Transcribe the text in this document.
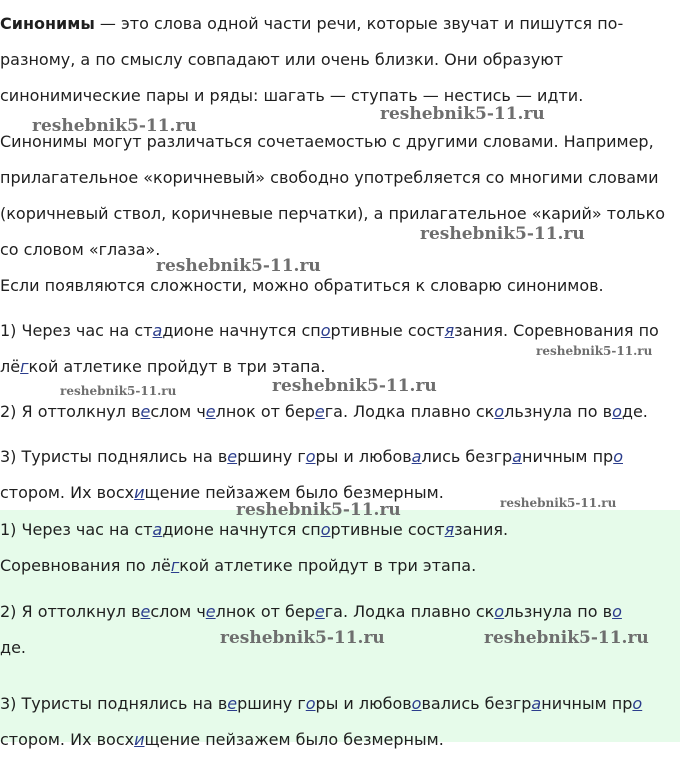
Синонимы — это слова одной части речи, которые звучат и пишутся по-
разному, а по смыслу совпадают или очень близки. Они образуют
синонимические пары и ряды: шагать — ступать — нестись — идти.
Синонимы могут различаться сочетаемостью с другими словами. Например,
прилагательное «коричневый» свободно употребляется со многими словами
(коричневый ствол, коричневые перчатки), а прилагательное «карий» только
со словом «глаза».
Если появляются сложности, можно обратиться к словарю синонимов.
1) Через час на стадионе начнутся спортивные состязания. Соревнования по
лёгкой атлетике пройдут в три этапа.
2) Я оттолкнул веслом челнок от берега. Лодка плавно скользнула по воде.
3) Туристы поднялись на вершину горы и любовались безграничным про
стором. Их восхищение пейзажем было безмерным.
1) Через час на стадионе начнутся спортивные состязания.
Соревнования по лёгкой атлетике пройдут в три этапа.
2) Я оттолкнул веслом челнок от берега. Лодка плавно скользнула по во
де.
3) Туристы поднялись на вершину горы и любововались безграничным про
стором. Их восхищение пейзажем было безмерным.
reshebnik5-11.ru
reshebnik5-11.ru
reshebnik5-11.ru
reshebnik5-11.ru
reshebnik5-11.ru
reshebnik5-11.ru	reshebnik5-11.ru
reshebnik5-11.ru
reshebnik5-11.ru
reshebnik5-11.ru	reshebnik5-11.ru
